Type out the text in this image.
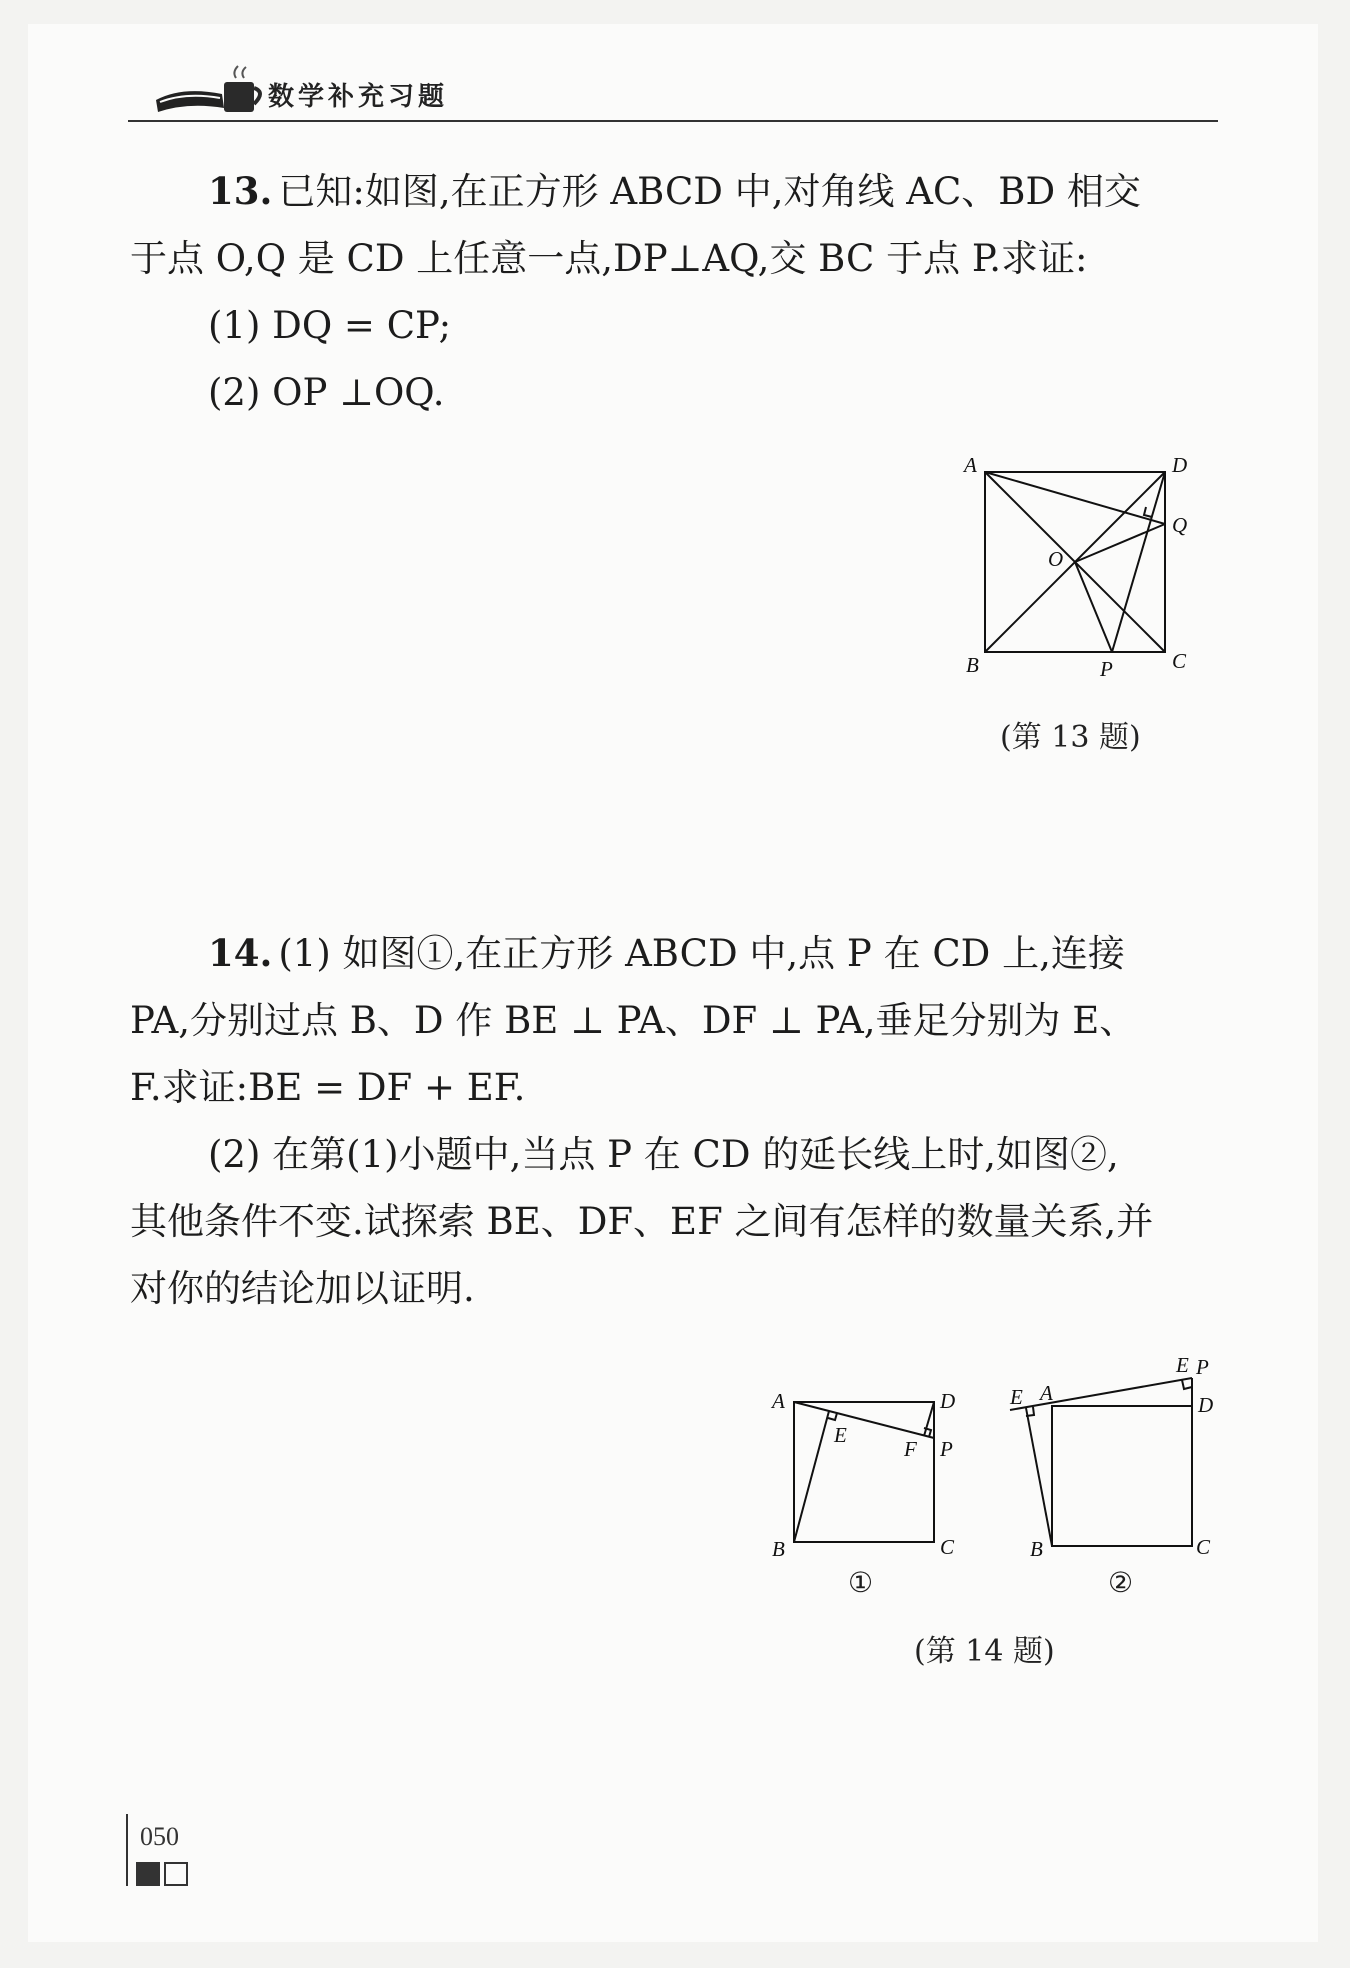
数学补充习题

13. 已知:如图,在正方形 ABCD 中,对角线 AC、BD 相交

于点 O,Q 是 CD 上任意一点,DP⊥AQ,交 BC 于点 P.求证:

(1) DQ = CP;

(2) OP ⊥OQ.

A	D
Q
O
B	P	C
(第 13 题)

14. (1) 如图①,在正方形 ABCD 中,点 P 在 CD 上,连接

PA,分别过点 B、D 作 BE ⊥ PA、DF ⊥ PA,垂足分别为 E、

F.求证:BE = DF + EF.

(2) 在第(1)小题中,当点 P 在 CD 的延长线上时,如图②,

其他条件不变.试探索 BE、DF、EF 之间有怎样的数量关系,并

对你的结论加以证明.

A	D
E
F P
B	C
①
E A
E P
D
B	C
②
(第 14 题)
050
